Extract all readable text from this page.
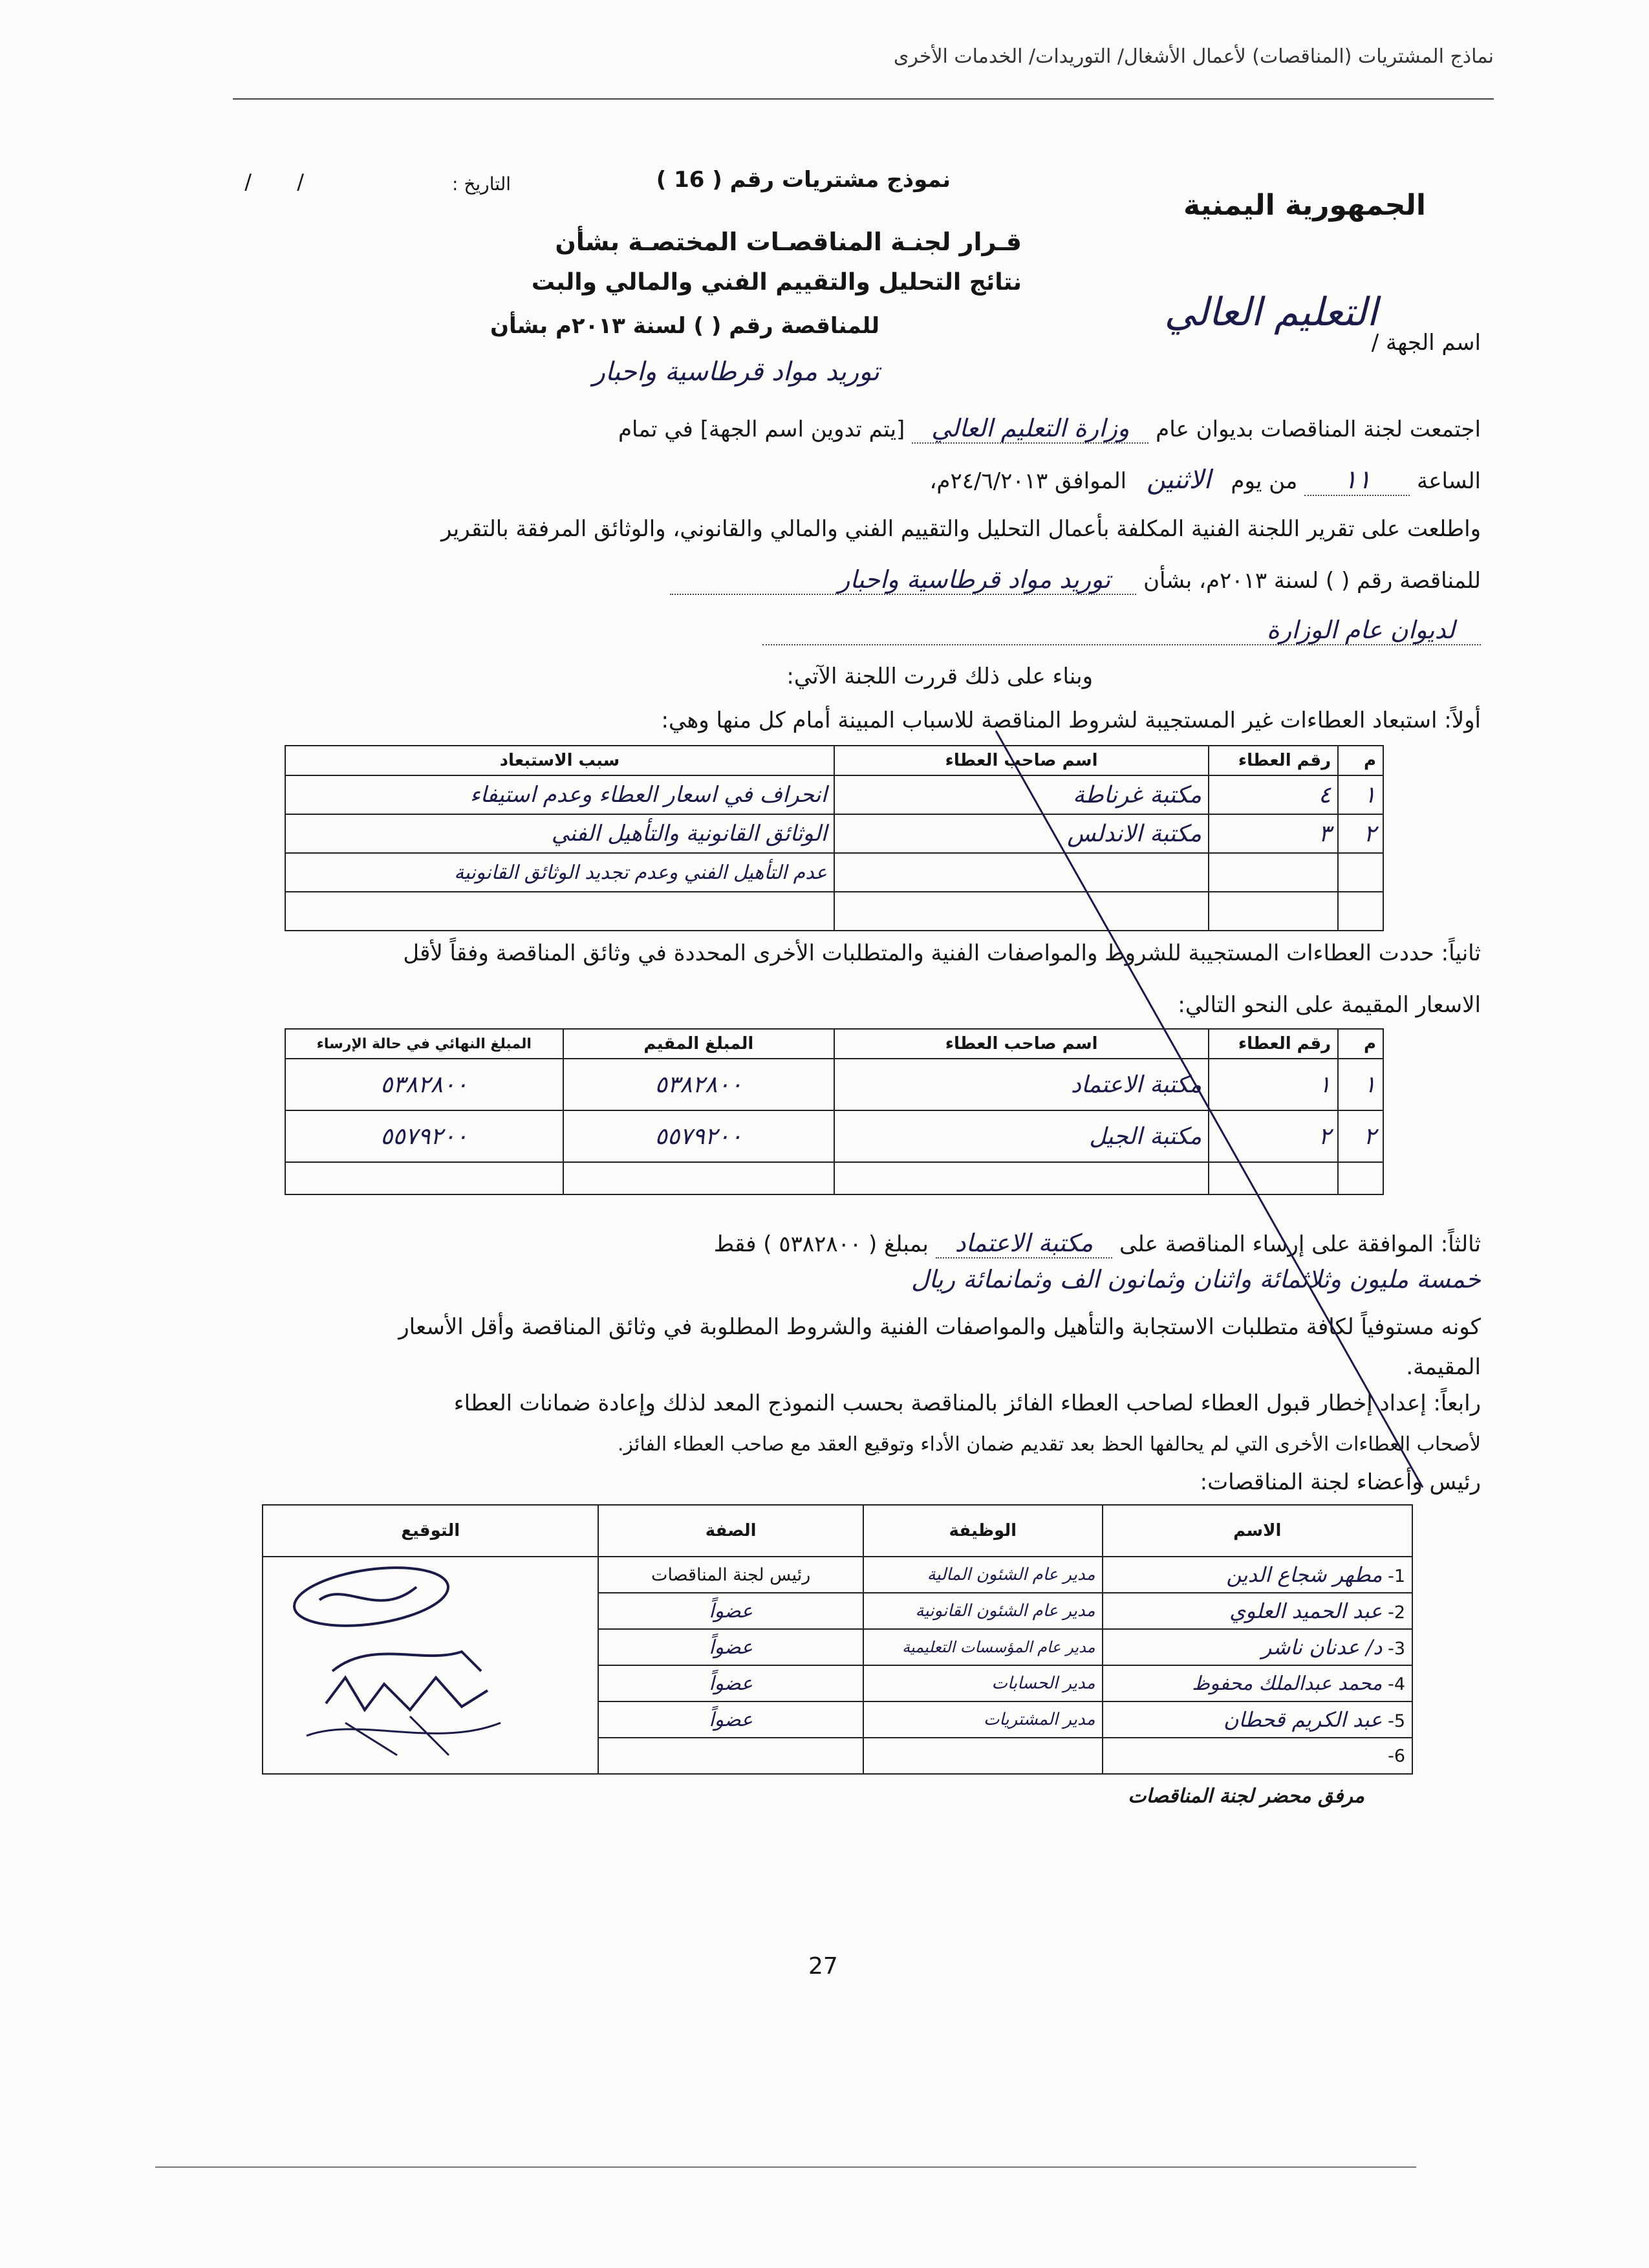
نماذج المشتريات (المناقصات) لأعمال الأشغال/ التوريدات/ الخدمات الأخرى
الجمهورية اليمنية
نموذج مشتريات رقم ( 16 )
التاريخ :
/ /
قـرار لجنـة المناقصـات المختصـة بشأن
نتائج التحليل والتقييم الفني والمالي والبت
للمناقصة رقم ( ) لسنة ٢٠١٣م بشأن
توريد مواد قرطاسية واحبار
اسم الجهة /
التعليم العالي
اجتمعت لجنة المناقصات بديوان عام وزارة التعليم العالي [يتم تدوين اسم الجهة] في تمام
الساعة ١١ من يوم الاثنين الموافق ٢٤/٦/٢٠١٣م،
واطلعت على تقرير اللجنة الفنية المكلفة بأعمال التحليل والتقييم الفني والمالي والقانوني، والوثائق المرفقة بالتقرير
للمناقصة رقم ( ) لسنة ٢٠١٣م، بشأن توريد مواد قرطاسية واحبار
لديوان عام الوزارة
وبناء على ذلك قررت اللجنة الآتي:
أولاً: استبعاد العطاءات غير المستجيبة لشروط المناقصة للاسباب المبينة أمام كل منها وهي:
م	رقم العطاء	اسم صاحب العطاء	سبب الاستبعاد
١	٤	مكتبة غرناطة	انحراف في اسعار العطاء وعدم استيفاء
٢	٣	مكتبة الاندلس	الوثائق القانونية والتأهيل الفني
			عدم التأهيل الفني وعدم تجديد الوثائق القانونية

ثانياً: حددت العطاءات المستجيبة للشروط والمواصفات الفنية والمتطلبات الأخرى المحددة في وثائق المناقصة وفقاً لأقل
الاسعار المقيمة على النحو التالي:
م	رقم العطاء	اسم صاحب العطاء	المبلغ المقيم	المبلغ النهائي في حالة الإرساء
١	١	مكتبة الاعتماد	٥٣٨٢٨٠٠	٥٣٨٢٨٠٠
٢	٢	مكتبة الجيل	٥٥٧٩٢٠٠	٥٥٧٩٢٠٠

ثالثاً: الموافقة على إرساء المناقصة على مكتبة الاعتماد بمبلغ ( ٥٣٨٢٨٠٠ ) فقط
خمسة مليون وثلاثمائة واثنان وثمانون الف وثمانمائة ريال
كونه مستوفياً لكافة متطلبات الاستجابة والتأهيل والمواصفات الفنية والشروط المطلوبة في وثائق المناقصة وأقل الأسعار
المقيمة.
رابعاً: إعداد إخطار قبول العطاء لصاحب العطاء الفائز بالمناقصة بحسب النموذج المعد لذلك وإعادة ضمانات العطاء
لأصحاب العطاءات الأخرى التي لم يحالفها الحظ بعد تقديم ضمان الأداء وتوقيع العقد مع صاحب العطاء الفائز.
رئيس وأعضاء لجنة المناقصات:
الاسم	الوظيفة	الصفة	التوقيع
1- مطهر شجاع الدين	مدير عام الشئون المالية	رئيس لجنة المناقصات	

2- عبد الحميد العلوي	مدير عام الشئون القانونية	عضواً	
3- د/ عدنان ناشر	مدير عام المؤسسات التعليمية	عضواً	
4- محمد عبدالملك محفوظ	مدير الحسابات	عضواً	
5- عبد الكريم قحطان	مدير المشتريات	عضواً	
6-			
مرفق محضر لجنة المناقصات
27
